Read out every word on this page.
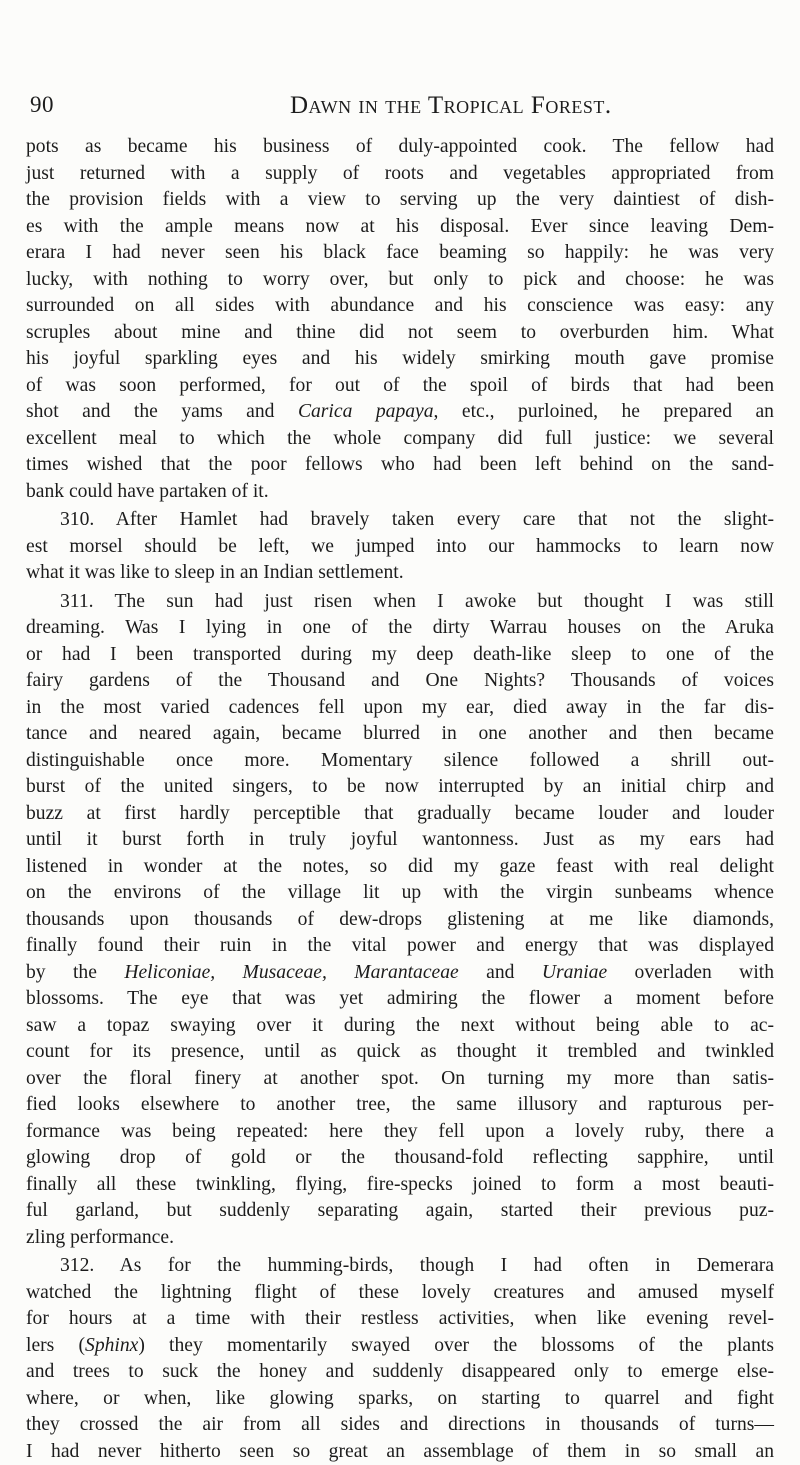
90	Dawn in the Tropical Forest.
pots as became his business of duly-appointed cook. The fellow had
just returned with a supply of roots and vegetables appropriated from
the provision fields with a view to serving up the very daintiest of dish-
es with the ample means now at his disposal. Ever since leaving Dem-
erara I had never seen his black face beaming so happily: he was very
lucky, with nothing to worry over, but only to pick and choose: he was
surrounded on all sides with abundance and his conscience was easy: any
scruples about mine and thine did not seem to overburden him. What
his joyful sparkling eyes and his widely smirking mouth gave promise
of was soon performed, for out of the spoil of birds that had been
shot and the yams and Carica papaya, etc., purloined, he prepared an
excellent meal to which the whole company did full justice: we several
times wished that the poor fellows who had been left behind on the sand-
bank could have partaken of it.
310. After Hamlet had bravely taken every care that not the slight-
est morsel should be left, we jumped into our hammocks to learn now
what it was like to sleep in an Indian settlement.
311. The sun had just risen when I awoke but thought I was still
dreaming. Was I lying in one of the dirty Warrau houses on the Aruka
or had I been transported during my deep death-like sleep to one of the
fairy gardens of the Thousand and One Nights? Thousands of voices
in the most varied cadences fell upon my ear, died away in the far dis-
tance and neared again, became blurred in one another and then became
distinguishable once more. Momentary silence followed a shrill out-
burst of the united singers, to be now interrupted by an initial chirp and
buzz at first hardly perceptible that gradually became louder and louder
until it burst forth in truly joyful wantonness. Just as my ears had
listened in wonder at the notes, so did my gaze feast with real delight
on the environs of the village lit up with the virgin sunbeams whence
thousands upon thousands of dew-drops glistening at me like diamonds,
finally found their ruin in the vital power and energy that was displayed
by the Heliconiae, Musaceae, Marantaceae and Uraniae overladen with
blossoms. The eye that was yet admiring the flower a moment before
saw a topaz swaying over it during the next without being able to ac-
count for its presence, until as quick as thought it trembled and twinkled
over the floral finery at another spot. On turning my more than satis-
fied looks elsewhere to another tree, the same illusory and rapturous per-
formance was being repeated: here they fell upon a lovely ruby, there a
glowing drop of gold or the thousand-fold reflecting sapphire, until
finally all these twinkling, flying, fire-specks joined to form a most beauti-
ful garland, but suddenly separating again, started their previous puz-
zling performance.
312. As for the humming-birds, though I had often in Demerara
watched the lightning flight of these lovely creatures and amused myself
for hours at a time with their restless activities, when like evening revel-
lers (Sphinx) they momentarily swayed over the blossoms of the plants
and trees to suck the honey and suddenly disappeared only to emerge else-
where, or when, like glowing sparks, on starting to quarrel and fight
they crossed the air from all sides and directions in thousands of turns—
I had never hitherto seen so great an assemblage of them in so small an
